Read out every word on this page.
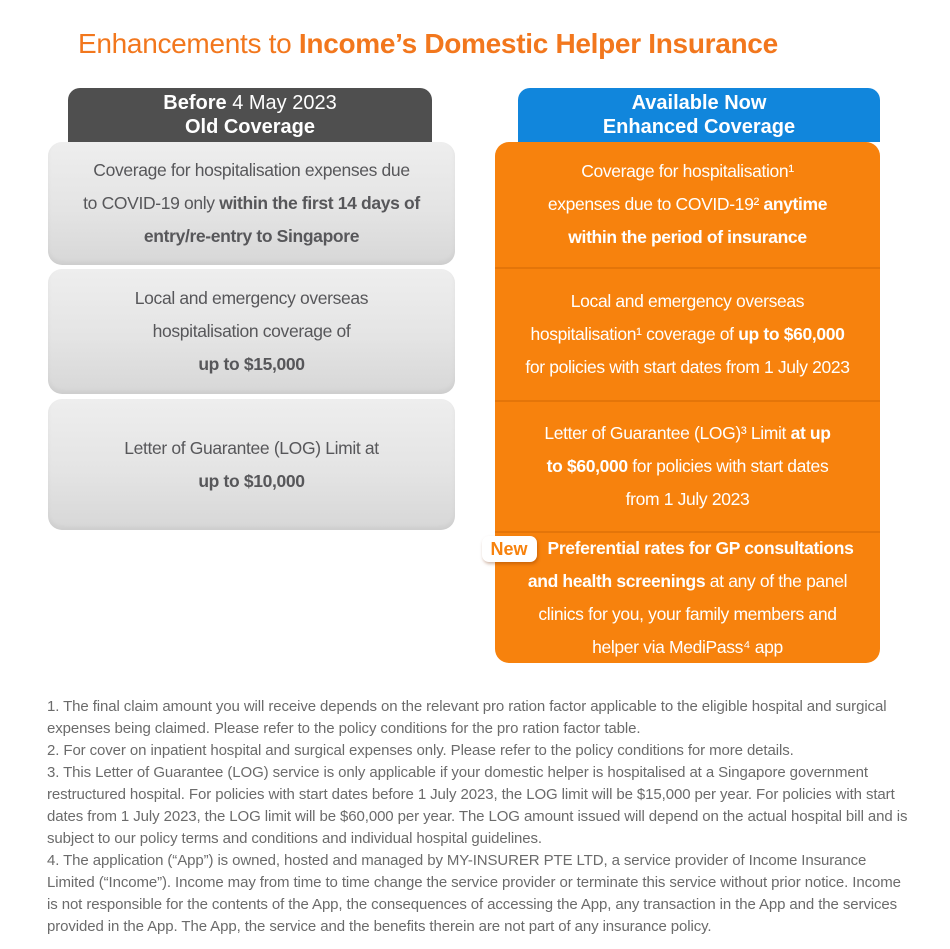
Enhancements to Income’s Domestic Helper Insurance
Before 4 May 2023
Old Coverage
Available Now
Enhanced Coverage

Coverage for hospitalisation expenses due
to COVID-19 only within the first 14 days of
entry/re-entry to Singapore

Local and emergency overseas
hospitalisation coverage of
up to $15,000

Letter of Guarantee (LOG) Limit at
up to $10,000

Coverage for hospitalisation¹
expenses due to COVID-19² anytime
within the period of insurance

Local and emergency overseas
hospitalisation¹ coverage of up to $60,000
for policies with start dates from 1 July 2023

Letter of Guarantee (LOG)³ Limit at up
to $60,000 for policies with start dates
from 1 July 2023

New Preferential rates for GP consultations
and health screenings at any of the panel
clinics for you, your family members and
helper via MediPass⁴ app

1. The final claim amount you will receive depends on the relevant pro ration factor applicable to the eligible hospital and surgical expenses being claimed. Please refer to the policy conditions for the pro ration factor table.

2. For cover on inpatient hospital and surgical expenses only. Please refer to the policy conditions for more details.

3. This Letter of Guarantee (LOG) service is only applicable if your domestic helper is hospitalised at a Singapore government restructured hospital. For policies with start dates before 1 July 2023, the LOG limit will be $15,000 per year. For policies with start dates from 1 July 2023, the LOG limit will be $60,000 per year. The LOG amount issued will depend on the actual hospital bill and is subject to our policy terms and conditions and individual hospital guidelines.

4. The application (“App”) is owned, hosted and managed by MY-INSURER PTE LTD, a service provider of Income Insurance Limited (“Income”). Income may from time to time change the service provider or terminate this service without prior notice. Income is not responsible for the contents of the App, the consequences of accessing the App, any transaction in the App and the services provided in the App. The App, the service and the benefits therein are not part of any insurance policy.
